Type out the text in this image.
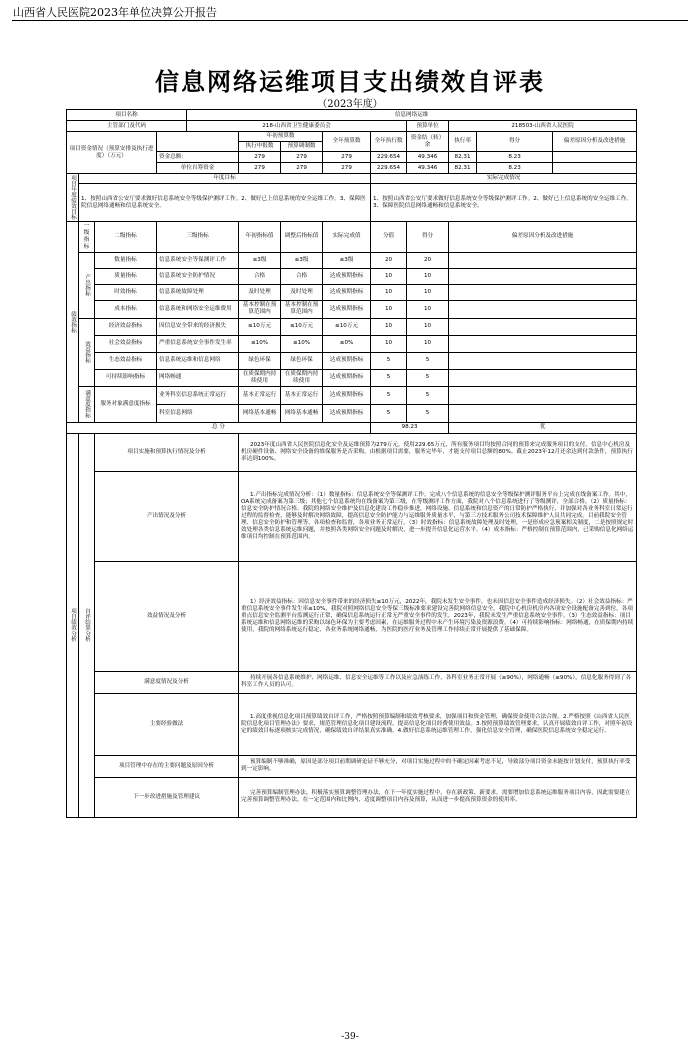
山西省人民医院2023年单位决算公开报告
信息网络运维项目支出绩效自评表
（2023年度）
项目名称				信息网络运维								
主管部门及代码				218-山西省卫生健康委员会					预算单位	218503-山西省人民医院		
项目资金情况（预算安排及执行进度）（万元）					年初预算数		全年预算数	全年执行数	资金结（转）余	执行率	得分	偏差原因分析及改进措施
					执行申报数	预算调制数						
			资金总额：		279	279	279	229.654	49.346	82.31	8.23	
			单位自筹资金		279	279	279	229.654	49.346	82.31	8.23	
项目年度绩效目标	年度目标							实际完成情况				
	1、按照山西省公安厅要求做好信息系统安全等级保护测评工作。2、做好已上信息系统的安全运维工作。3、保障医院信息网络通畅和信息系统安全。							1、按照山西省公安厅要求做好信息系统安全等级保护测评工作。2、做好已上信息系统的安全运维工作。3、保障医院信息网络通畅和信息系统安全。				
绩效指标	一级指标	二级指标	三级指标		年初指标值	调整后指标值	实际完成值	分值	得分	偏差原因分析及改进措施		
	产出指标	数量指标	信息系统安全等保测评工作		≤3级	≤3级	≤3级	20	20			
		质量指标	信息系统安全防护情况		合格	合格	达成预期指标	10	10			
		时效指标	信息系统故障处理		及时处理	及时处理	达成预期指标	10	10			
		成本指标	信息系统和网络安全运维费用		基本控制在预算范围内	基本控制在预算范围内	达成预期指标	10	10			
	效益指标	经济效益指标	因信息安全带来的经济损失		≤10万元	≤10万元	≤10万元	10	10			
		社会效益指标	严重信息系统安全事件发生率		≤10%	≤10%	≤0%	10	10			
		生态效益指标	信息系统运维和信息网络		绿色环保	绿色环保	达成预期指标	5	5			
		可持续影响指标	网络畅通		在质保期内持续使用	在质保期内持续使用	达成预期指标	5	5			
	满意度指标	服务对象满意度指标	业务科室信息系统正常运行		基本正常运行	基本正常运行	达成预期指标	5	5			
			科室信息网络		网络基本通畅	网络基本通畅	达成预期指标	5	5			
总 分								98.23		优		
项目绩效分析	自评结果分析	项目实施和预算执行情况及分析			2023年度山西省人民医院信息化安全及运维预算为279万元，使用229.65万元，所有服务项目均按照合同的预算来完成服务项目的支付。信息中心机房及机房硬件设备、网络安全设备的维保服务是否采购，由根据项目需要，服务完毕年，才能支付项目总额的80%。截止2023年12月还余达到付款条件，预算执行率达到100%。							
		产出情况及分析			1.产出指标完成情况分析：（1）数量指标：信息系统安全等保测评工作。完成八个信息系统的信息安全等级保护测评服务平台上完成在线备案工作。其中，OA系统完成备案为第三级；其他七个信息系统均在线备案为第三级，在等级测评工作方面，我院对八个信息系统进行了等级测评，全部合格。（2）质量指标：信息安全防护情况合格。我院的网络安全维护及信息化建设工作稳步推进，网络设施、信息系统和信息资产的日常防护严格执行，并加强对各业务科室日常运行过程的监督检查，能够及时解决网络故障，提高信息安全防护能力与运维服务质量水平，与第三方技术服务公司技术保障维护人员共同完成。目前我院安全管理、信息安全防护和管理等，各项检查和监督，各项业务正常运行。（3）时效指标：信息系统故障处理及时处理，一是形成应急预案相关制度，二是按照规定时效处理各类信息系统运维问题，并按照各类网络安全问题及时解决，进一步提升信息化运营水平。（4）成本指标：严格控制在预算范围内，已采购信息化网络运维项目均控制在预算范围内。							
		效益情况及分析			1）经济效益指标：因信息安全事件带来的经济损失≤10万元，2022年，我院未发生安全事件，也未因信息安全事件造成经济损失。（2）社会效益指标：严重信息系统安全事件发生率≤10%，我院对照网络信息安全等保三级标准要求建设完善院网络信息安全，我院中心机房机房内各项安全设施配备完善到位，各项重点信息安全监测平台监测运行正常，确保信息系统运行正常无严重安全事件的发生，2023年，我院未发生严重信息系统安全事件。（3）生态效益指标：项目系统运维和信息网络运维的采购以绿色环保为主要考虑因素，在运维服务过程中未产生环境污染及资源浪费。（4）可持续影响指标：网络畅通，在质保期内持续使用，我院的网络系统运行稳定，各业务系统网络通畅，为医院的医疗业务及管理工作持续正常开展提供了基础保障。							
		满意度情况及分析			持续开展各信息系统维护、网络运维、信息安全运维等工作以及应急演练工作，各科室业务正常开展（≥90%），网络通畅（≥90%），信息化服务得到了各科室工作人员的认可。							
		主要经验做法			1.高度重视信息化项目预算绩效自评工作，严格按照预算编制和绩效考核要求，加强项目和资金管理，确保资金使用合法合规。2.严格按照《山西省人民医院信息化项目管理办法》要求，规范管理信息化项目建设流程，提高信息化项目经费使用效益。3.按照预算绩效管理要求，认真开展绩效自评工作，对照年初设定的绩效目标逐项核实完成情况，确保绩效自评结果真实准确。4.做好信息系统运维管理工作，强化信息安全管理，确保医院信息系统安全稳定运行。							
		项目管理中存在的主要问题及原因分析			预算编制不够准确，原因是部分项目前期调研论证不够充分，对项目实施过程中的不确定因素考虑不足，导致部分项目资金未能按计划支付，预算执行率受到一定影响。							
		下一步改进措施及管理建议			完善预算编制管理办法，积极落实预算调整管理办法，在下一年度实施过程中，存在新政策、新要求，需要增加信息系统运维服务项目内容，因此需要建立完善预算调整管理办法，在一定范围内和比例内，适度调整项目内容及预算，从而进一步提高预算资金的使用率。							
-39-
